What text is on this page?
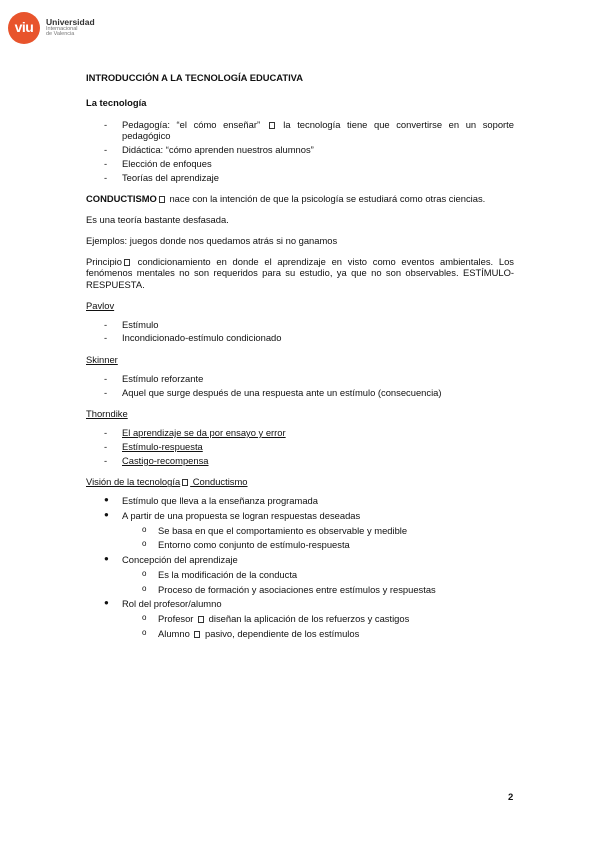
viu	Universidad
Internacional
de Valencia
INTRODUCCIÓN A LA TECNOLOGÍA EDUCATIVA
La tecnología
- Pedagogía: “el cómo enseñar”  la tecnología tiene que convertirse en un soporte pedagógico
- Didáctica: “cómo aprenden nuestros alumnos”
- Elección de enfoques
- Teorías del aprendizaje

CONDUCTISMO nace con la intención de que la psicología se estudiará como otras ciencias.

Es una teoría bastante desfasada.

Ejemplos: juegos donde nos quedamos atrás si no ganamos

Principio condicionamiento en donde el aprendizaje en visto como eventos ambientales. Los fenómenos mentales no son requeridos para su estudio, ya que no son observables. ESTÍMULO-RESPUESTA.

Pavlov
- Estímulo
- Incondicionado-estímulo condicionado
Skinner
- Estímulo reforzante
- Aquel que surge después de una respuesta ante un estímulo (consecuencia)
Thorndike
- El aprendizaje se da por ensayo y error
- Estímulo-respuesta
- Castigo-recompensa
Visión de la tecnología Conductismo
● Estímulo que lleva a la enseñanza programada
● A partir de una propuesta se logran respuestas deseadas
o Se basa en que el comportamiento es observable y medible
o Entorno como conjunto de estímulo-respuesta
● Concepción del aprendizaje
o Es la modificación de la conducta
o Proceso de formación y asociaciones entre estímulos y respuestas
● Rol del profesor/alumno
o Profesor  diseñan la aplicación de los refuerzos y castigos
o Alumno  pasivo, dependiente de los estímulos
2
